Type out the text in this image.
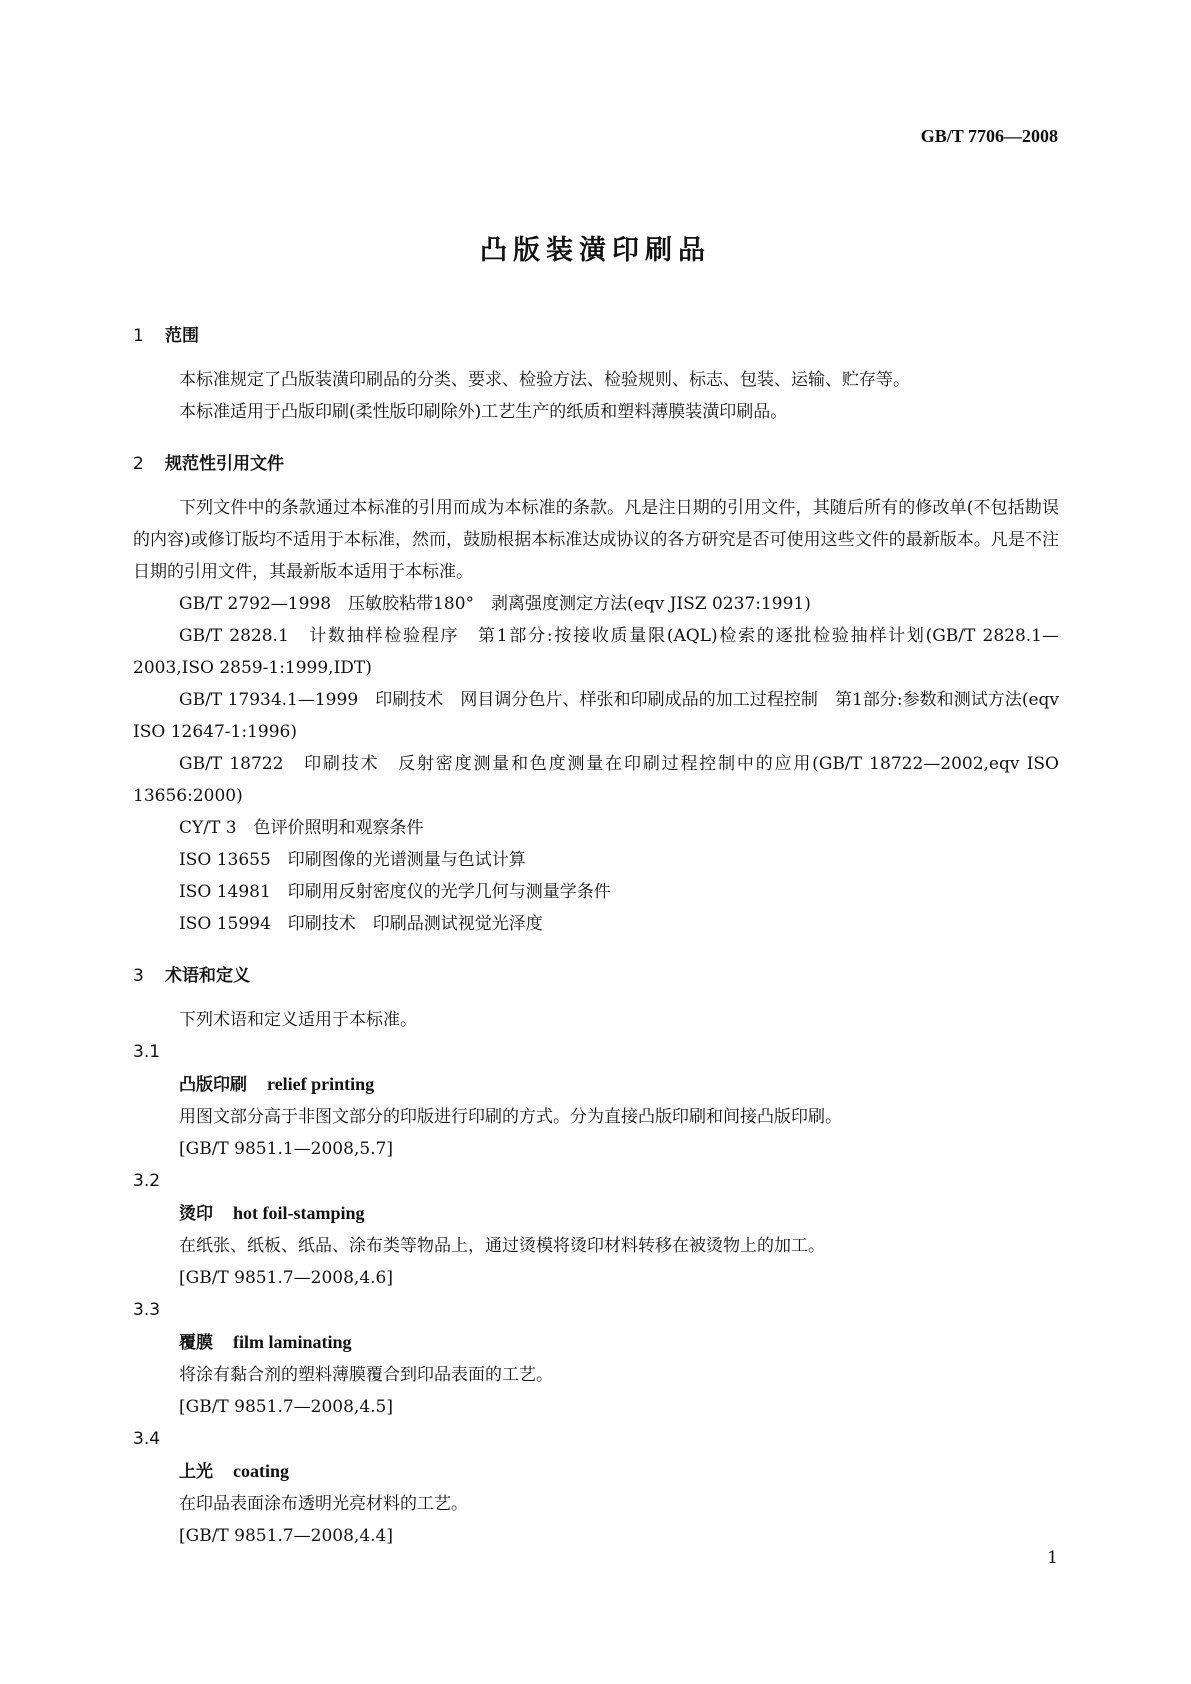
GB/T 7706—2008
凸版装潢印刷品

1 范围

本标准规定了凸版装潢印刷品的分类、要求、检验方法、检验规则、标志、包装、运输、贮存等。

本标准适用于凸版印刷(柔性版印刷除外)工艺生产的纸质和塑料薄膜装潢印刷品。

2 规范性引用文件

下列文件中的条款通过本标准的引用而成为本标准的条款。凡是注日期的引用文件，其随后所有的修改单(不包括勘误的内容)或修订版均不适用于本标准，然而，鼓励根据本标准达成协议的各方研究是否可使用这些文件的最新版本。凡是不注日期的引用文件，其最新版本适用于本标准。

GB/T 2792—1998　压敏胶粘带180°　剥离强度测定方法(eqv JISZ 0237:1991)

GB/T 2828.1　计数抽样检验程序　第1部分:按接收质量限(AQL)检索的逐批检验抽样计划(GB/T 2828.1—2003,ISO 2859-1:1999,IDT)

GB/T 17934.1—1999　印刷技术　网目调分色片、样张和印刷成品的加工过程控制　第1部分:参数和测试方法(eqv ISO 12647-1:1996)

GB/T 18722　印刷技术　反射密度测量和色度测量在印刷过程控制中的应用(GB/T 18722—2002,eqv ISO 13656:2000)

CY/T 3　色评价照明和观察条件

ISO 13655　印刷图像的光谱测量与色试计算

ISO 14981　印刷用反射密度仪的光学几何与测量学条件

ISO 15994　印刷技术　印刷品测试视觉光泽度

3 术语和定义

下列术语和定义适用于本标准。

3.1

凸版印刷 relief printing

用图文部分高于非图文部分的印版进行印刷的方式。分为直接凸版印刷和间接凸版印刷。

[GB/T 9851.1—2008,5.7]

3.2

烫印 hot foil-stamping

在纸张、纸板、纸品、涂布类等物品上，通过烫模将烫印材料转移在被烫物上的加工。

[GB/T 9851.7—2008,4.6]

3.3

覆膜 film laminating

将涂有黏合剂的塑料薄膜覆合到印品表面的工艺。

[GB/T 9851.7—2008,4.5]

3.4

上光 coating

在印品表面涂布透明光亮材料的工艺。

[GB/T 9851.7—2008,4.4]

1
